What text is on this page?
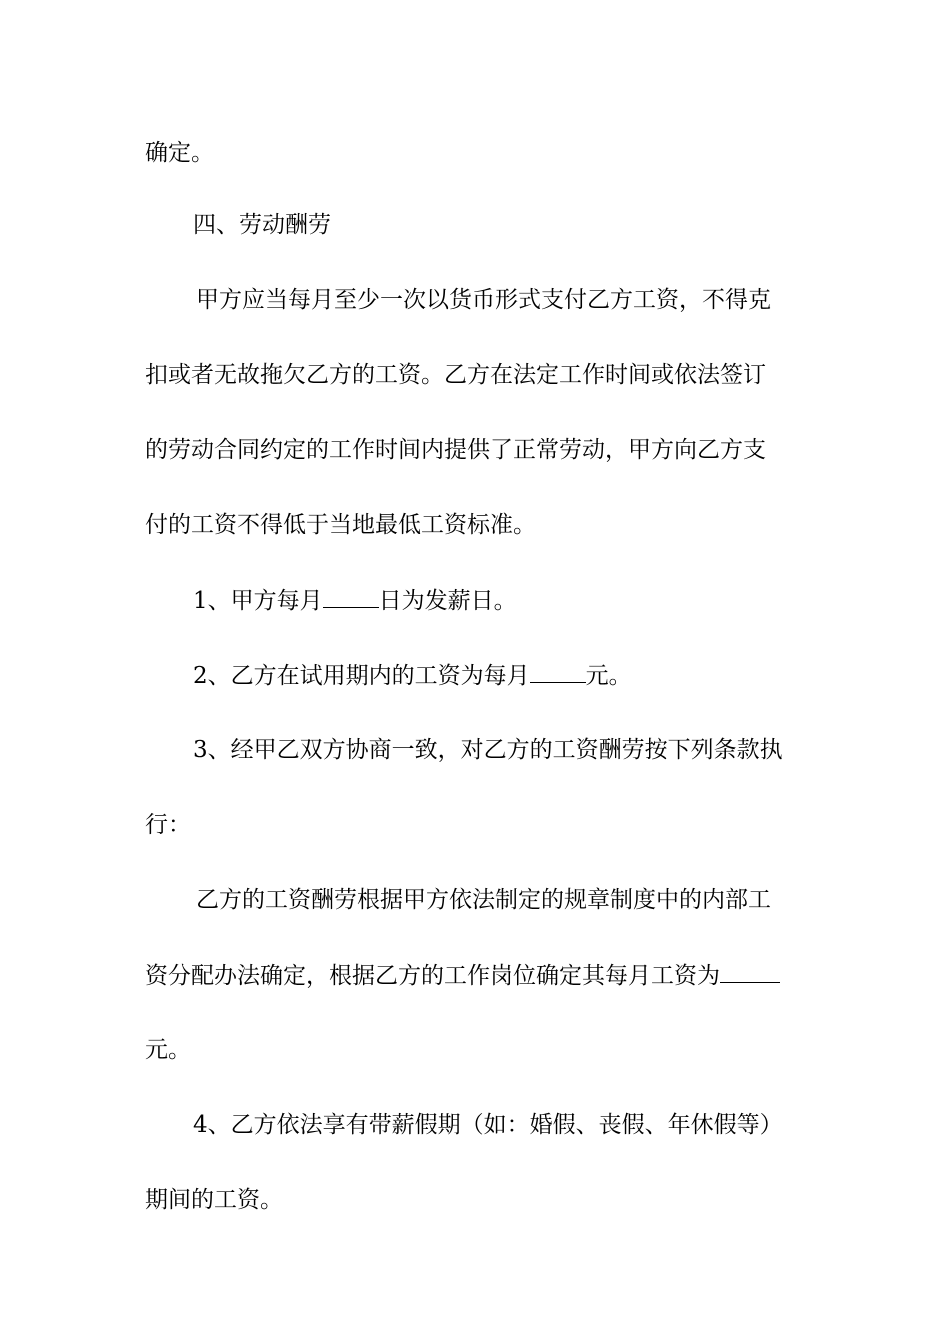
确定。
四、劳动酬劳
甲方应当每月至少一次以货币形式支付乙方工资，不得克
扣或者无故拖欠乙方的工资。乙方在法定工作时间或依法签订
的劳动合同约定的工作时间内提供了正常劳动，甲方向乙方支
付的工资不得低于当地最低工资标准。
1、甲方每月 日为发薪日。
2、乙方在试用期内的工资为每月 元。
3、经甲乙双方协商一致，对乙方的工资酬劳按下列条款执
行：
乙方的工资酬劳根据甲方依法制定的规章制度中的内部工
资分配办法确定，根据乙方的工作岗位确定其每月工资为
元。
4、乙方依法享有带薪假期（如：婚假、丧假、年休假等）
期间的工资。
